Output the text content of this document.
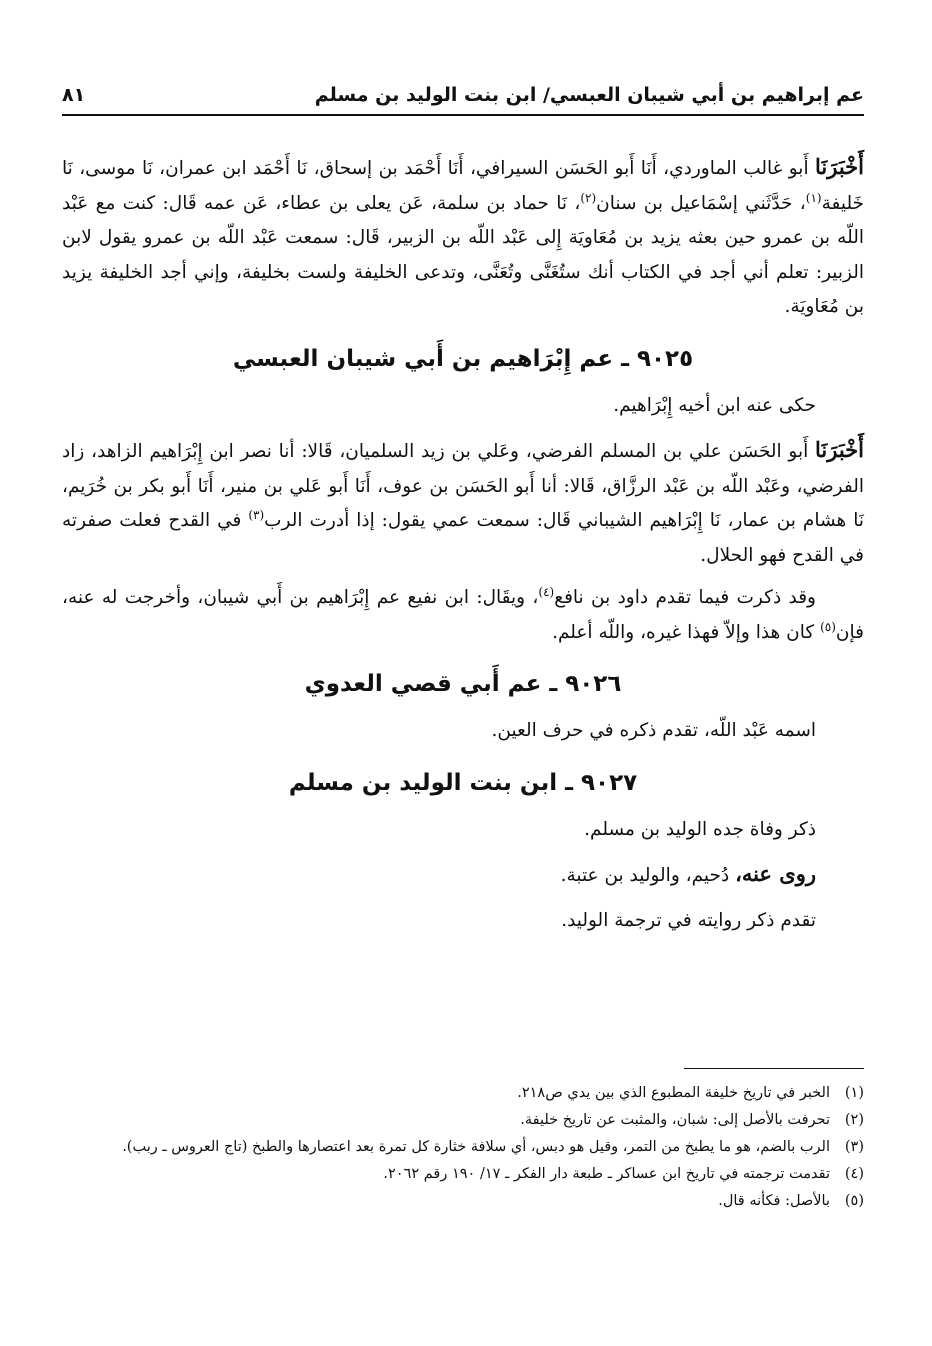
عم إبراهيم بن أبي شيبان العبسي/ ابن بنت الوليد بن مسلم
٨١

أَخْبَرَنَا أَبو غالب الماوردي، أَنَا أَبو الحَسَن السيرافي، أَنَا أَحْمَد بن إسحاق، نَا أَحْمَد ابن عمران، نَا موسى، نَا خَليفة$^{(١)}$، حَدَّثَني إسْمَاعيل بن سنان$^{(٢)}$، نَا حماد بن سلمة، عَن يعلى بن عطاء، عَن عمه قَال: كنت مع عَبْد اللّه بن عمرو حين بعثه يزيد بن مُعَاويَة إِلى عَبْد اللّه بن الزبير، قَال: سمعت عَبْد اللّه بن عمرو يقول لابن الزبير: تعلم أني أجد في الكتاب أنك ستُغَنَّى وتُعَنَّى، وتدعى الخليفة ولست بخليفة، وإني أجد الخليفة يزيد بن مُعَاويَة.

٩٠٢٥ـ عم إِبْرَاهيم بن أَبي شيبان العبسي

حكى عنه ابن أخيه إِبْرَاهيم.

أَخْبَرَنَا أَبو الحَسَن علي بن المسلم الفرضي، وعَلي بن زيد السلميان، قَالا: أنا نصر ابن إِبْرَاهيم الزاهد، زاد الفرضي، وعَبْد اللّه بن عَبْد الرزَّاق، قَالا: أنا أَبو الحَسَن بن عوف، أَنَا أَبو عَلي بن منير، أَنَا أَبو بكر بن خُرَيم، نَا هشام بن عمار، نَا إِبْرَاهيم الشيباني قَال: سمعت عمي يقول: إذا أدرت الرب$^{(٣)}$ في القدح فعلت صفرته في القدح فهو الحلال.

وقد ذكرت فيما تقدم داود بن نافع$^{(٤)}$، ويقَال: ابن نفيع عم إِبْرَاهيم بن أَبي شيبان، وأخرجت له عنه، فإن$^{(٥)}$ كان هذا وإلاّ فهذا غيره، واللّه أعلم.

٩٠٢٦ـ عم أَبي قصي العدوي

اسمه عَبْد اللّه، تقدم ذكره في حرف العين.

٩٠٢٧ـ ابن بنت الوليد بن مسلم

ذكر وفاة جده الوليد بن مسلم.

روى عنه، دُحيم، والوليد بن عتبة.

تقدم ذكر روايته في ترجمة الوليد.

(١)
الخبر في تاريخ خليفة المطبوع الذي بين يدي ص٢١٨.
(٢)
تحرفت بالأصل إلى: شبان، والمثبت عن تاريخ خليفة.
(٣)
الرب بالضم، هو ما يطبخ من التمر، وقيل هو دبس، أي سلافة خثارة كل تمرة بعد اعتصارها والطبخ (تاج العروس ـ ربب).
(٤)
تقدمت ترجمته في تاريخ ابن عساكر ـ طبعة دار الفكر ـ ١٧/ ١٩٠ رقم ٢٠٦٢.
(٥)
بالأصل: فكأنه قال.
